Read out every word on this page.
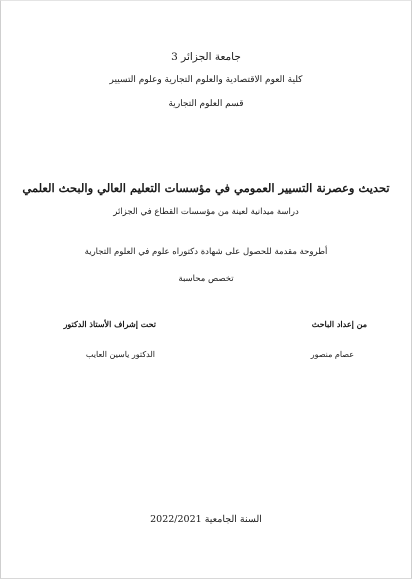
جامعة الجزائر 3
كلية العوم الاقتصادية والعلوم التجارية وعلوم التسيير
قسم العلوم التجارية
تحديث وعصرنة التسيير العمومي في مؤسسات التعليم العالي والبحث العلمي
دراسة ميدانية لعينة من مؤسسات القطاع في الجزائر
أطروحة مقدمة للحصول على شهادة دكتوراه علوم في العلوم التجارية
تخصص محاسبة
من إعداد الباحث
عصام منصور
تحت إشراف الأستاذ الدكتور
الدكتور ياسين العايب
السنة الجامعية 2022/2021
